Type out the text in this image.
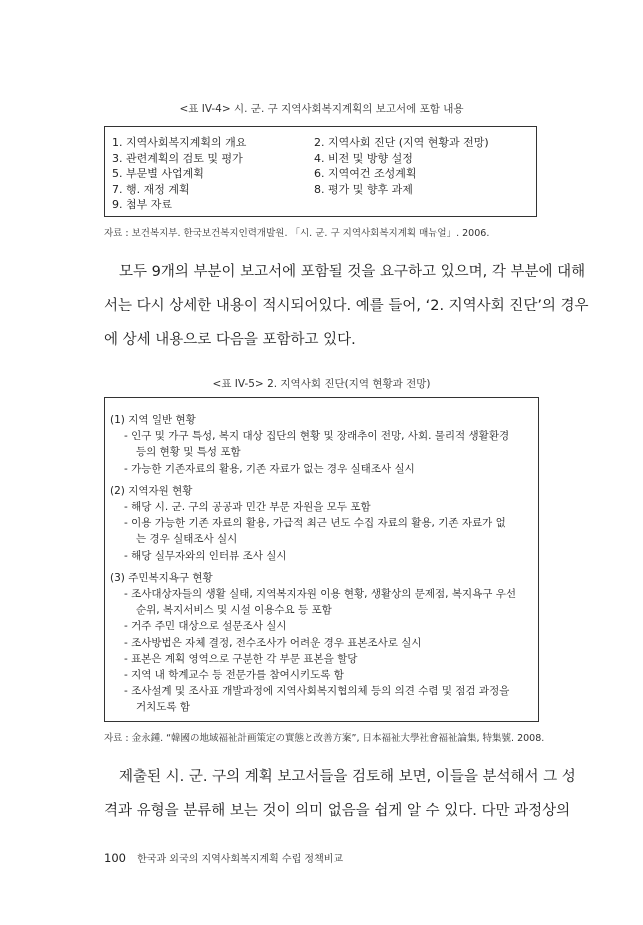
<표 IV-4> 시. 군. 구 지역사회복지계획의 보고서에 포함 내용
1. 지역사회복지계획의 개요
3. 관련계획의 검토 및 평가
5. 부문별 사업계획
7. 행. 재정 계획
9. 첨부 자료
2. 지역사회 진단 (지역 현황과 전망)
4. 비전 및 방향 설정
6. 지역여건 조성계획
8. 평가 및 향후 과제
자료 : 보건복지부. 한국보건복지인력개발원. 「시. 군. 구 지역사회복지계획 매뉴얼」. 2006.
모두 9개의 부분이 보고서에 포함될 것을 요구하고 있으며, 각 부분에 대해
서는 다시 상세한 내용이 적시되어있다. 예를 들어, ‘2. 지역사회 진단’의 경우
에 상세 내용으로 다음을 포함하고 있다.
<표 IV-5> 2. 지역사회 진단(지역 현황과 전망)
(1) 지역 일반 현황
- 인구 및 가구 특성, 복지 대상 집단의 현황 및 장래추이 전망, 사회. 물리적 생활환경
등의 현황 및 특성 포함
- 가능한 기존자료의 활용, 기존 자료가 없는 경우 실태조사 실시
(2) 지역자원 현황
- 해당 시. 군. 구의 공공과 민간 부문 자원을 모두 포함
- 이용 가능한 기존 자료의 활용, 가급적 최근 년도 수집 자료의 활용, 기존 자료가 없
는 경우 실태조사 실시
- 해당 실무자와의 인터뷰 조사 실시
(3) 주민복지욕구 현황
- 조사대상자들의 생활 실태, 지역복지자원 이용 현황, 생활상의 문제점, 복지욕구 우선
순위, 복지서비스 및 시설 이용수요 등 포함
- 거주 주민 대상으로 설문조사 실시
- 조사방법은 자체 결정, 전수조사가 어려운 경우 표본조사로 실시
- 표본은 계획 영역으로 구분한 각 부문 표본을 할당
- 지역 내 학계교수 등 전문가를 참여시키도록 함
- 조사설계 및 조사표 개발과정에 지역사회복지협의체 등의 의견 수렴 및 점검 과정을
거치도록 함
자료 : 金永鍾. “韓國の地域福祉計画策定の實態と改善方案”, 日本福祉大學社會福祉論集, 特集號. 2008.
제출된 시. 군. 구의 계획 보고서들을 검토해 보면, 이들을 분석해서 그 성
격과 유형을 분류해 보는 것이 의미 없음을 쉽게 알 수 있다. 다만 과정상의
100 한국과 외국의 지역사회복지계획 수립 정책비교
